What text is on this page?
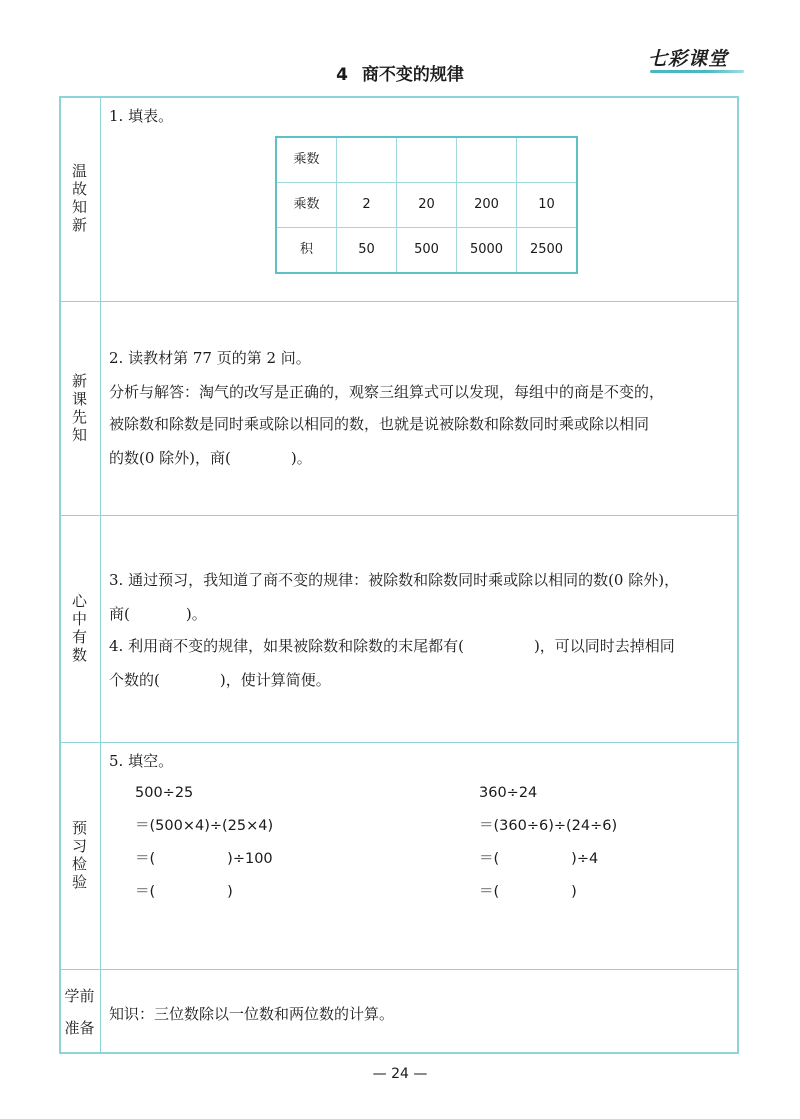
七彩课堂
4 商不变的规律
温故知新
1. 填表。
乘数				
乘数	2	20	200	10
积	50	500	5000	2500
新课先知
2. 读教材第 77 页的第 2 问。
分析与解答：淘气的改写是正确的，观察三组算式可以发现，每组中的商是不变的，
被除数和除数是同时乘或除以相同的数，也就是说被除数和除数同时乘或除以相同
的数(0 除外)，商(	)。
心中有数
3. 通过预习，我知道了商不变的规律：被除数和除数同时乘或除以相同的数(0 除外)，
商(	)。
4. 利用商不变的规律，如果被除数和除数的末尾都有(	)，可以同时去掉相同
个数的(	)，使计算简便。
预习检验
5. 填空。
500÷25
＝(500×4)÷(25×4)
＝(	)÷100
＝(	)
360÷24
＝(360÷6)÷(24÷6)
＝(	)÷4
＝(	)
学前
准备
知识：三位数除以一位数和两位数的计算。
— 24 —
